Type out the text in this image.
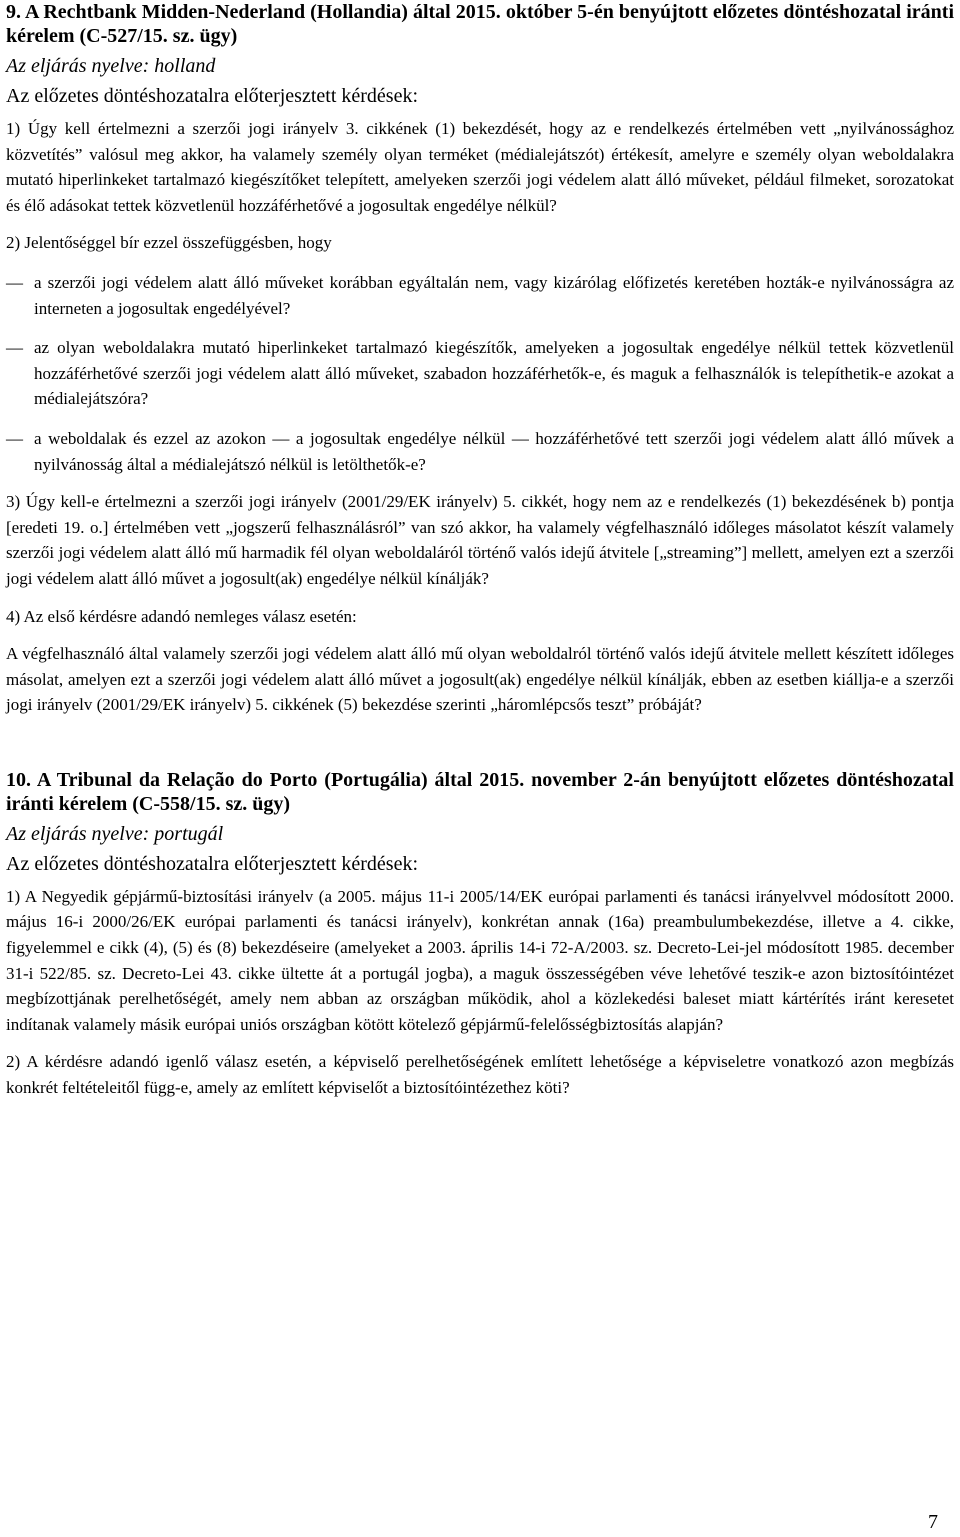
9. A Rechtbank Midden-Nederland (Hollandia) által 2015. október 5-én benyújtott előzetes döntéshozatal iránti kérelem (C-527/15. sz. ügy)

Az eljárás nyelve: holland

Az előzetes döntéshozatalra előterjesztett kérdések:

1) Úgy kell értelmezni a szerzői jogi irányelv 3. cikkének (1) bekezdését, hogy az e rendelkezés értelmében vett „nyilvánossághoz közvetítés” valósul meg akkor, ha valamely személy olyan terméket (médialejátszót) értékesít, amelyre e személy olyan weboldalakra mutató hiperlinkeket tartalmazó kiegészítőket telepített, amelyeken szerzői jogi védelem alatt álló műveket, például filmeket, sorozatokat és élő adásokat tettek közvetlenül hozzáférhetővé a jogosultak engedélye nélkül?

2) Jelentőséggel bír ezzel összefüggésben, hogy

— a szerzői jogi védelem alatt álló műveket korábban egyáltalán nem, vagy kizárólag előfizetés keretében hozták-e nyilvánosságra az interneten a jogosultak engedélyével?

— az olyan weboldalakra mutató hiperlinkeket tartalmazó kiegészítők, amelyeken a jogosultak engedélye nélkül tettek közvetlenül hozzáférhetővé szerzői jogi védelem alatt álló műveket, szabadon hozzáférhetők-e, és maguk a felhasználók is telepíthetik-e azokat a médialejátszóra?

— a weboldalak és ezzel az azokon — a jogosultak engedélye nélkül — hozzáférhetővé tett szerzői jogi védelem alatt álló művek a nyilvánosság által a médialejátszó nélkül is letölthetők-e?

3) Úgy kell-e értelmezni a szerzői jogi irányelv (2001/29/EK irányelv) 5. cikkét, hogy nem az e rendelkezés (1) bekezdésének b) pontja [eredeti 19. o.] értelmében vett „jogszerű felhasználásról” van szó akkor, ha valamely végfelhasználó időleges másolatot készít valamely szerzői jogi védelem alatt álló mű harmadik fél olyan weboldaláról történő valós idejű átvitele [„streaming”] mellett, amelyen ezt a szerzői jogi védelem alatt álló művet a jogosult(ak) engedélye nélkül kínálják?

4) Az első kérdésre adandó nemleges válasz esetén:

A végfelhasználó által valamely szerzői jogi védelem alatt álló mű olyan weboldalról történő valós idejű átvitele mellett készített időleges másolat, amelyen ezt a szerzői jogi védelem alatt álló művet a jogosult(ak) engedélye nélkül kínálják, ebben az esetben kiállja-e a szerzői jogi irányelv (2001/29/EK irányelv) 5. cikkének (5) bekezdése szerinti „háromlépcsős teszt” próbáját?

10. A Tribunal da Relação do Porto (Portugália) által 2015. november 2-án benyújtott előzetes döntéshozatal iránti kérelem (C-558/15. sz. ügy)

Az eljárás nyelve: portugál

Az előzetes döntéshozatalra előterjesztett kérdések:

1) A Negyedik gépjármű-biztosítási irányelv (a 2005. május 11-i 2005/14/EK európai parlamenti és tanácsi irányelvvel módosított 2000. május 16-i 2000/26/EK európai parlamenti és tanácsi irányelv), konkrétan annak (16a) preambulumbekezdése, illetve a 4. cikke, figyelemmel e cikk (4), (5) és (8) bekezdéseire (amelyeket a 2003. április 14-i 72-A/2003. sz. Decreto-Lei-jel módosított 1985. december 31-i 522/85. sz. Decreto-Lei 43. cikke ültette át a portugál jogba), a maguk összességében véve lehetővé teszik-e azon biztosítóintézet megbízottjának perelhetőségét, amely nem abban az országban működik, ahol a közlekedési baleset miatt kártérítés iránt keresetet indítanak valamely másik európai uniós országban kötött kötelező gépjármű-felelősségbiztosítás alapján?

2) A kérdésre adandó igenlő válasz esetén, a képviselő perelhetőségének említett lehetősége a képviseletre vonatkozó azon megbízás konkrét feltételeitől függ-e, amely az említett képviselőt a biztosítóintézethez köti?

7
